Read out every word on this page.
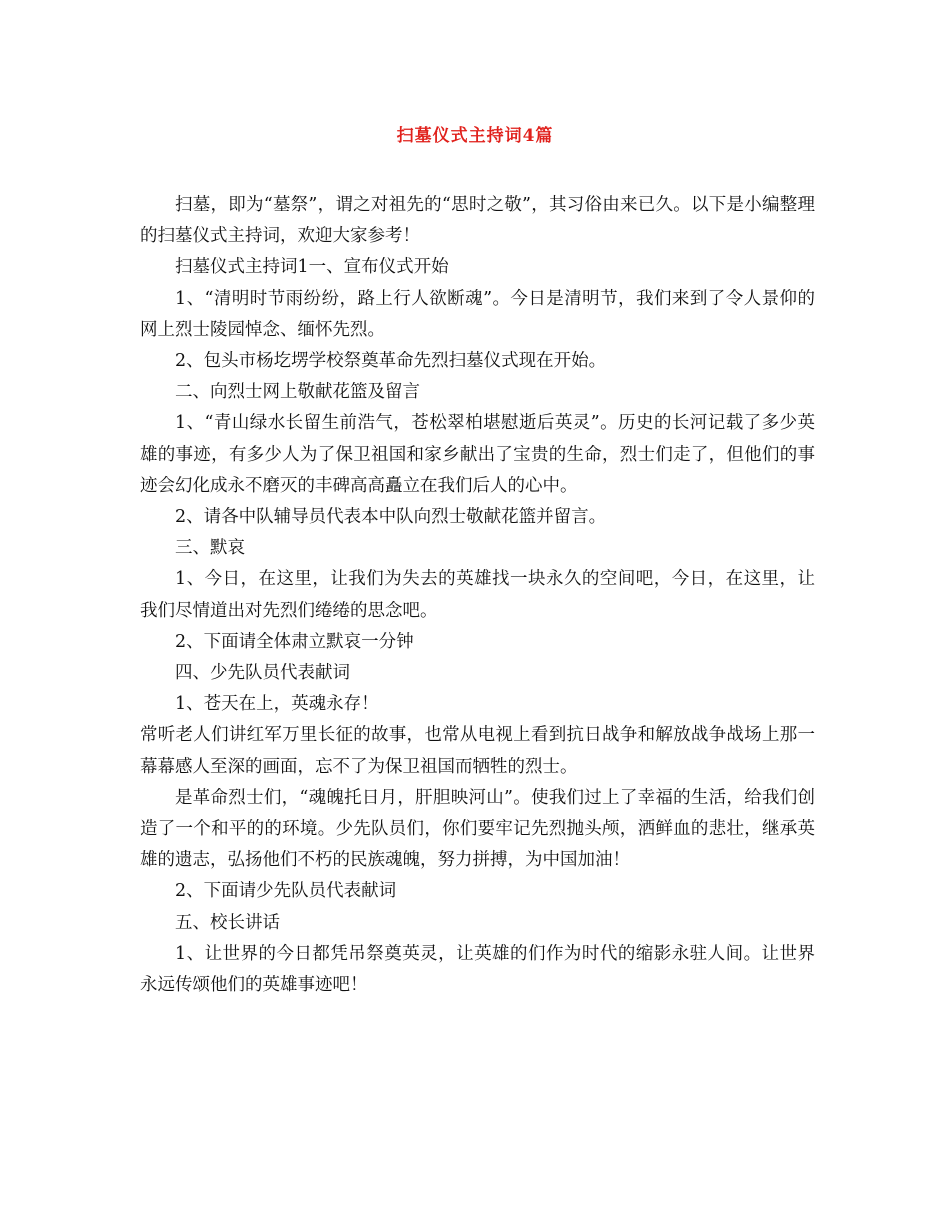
扫墓仪式主持词4篇

扫墓，即为“墓祭”，谓之对祖先的“思时之敬”，其习俗由来已久。以下是小编整理的扫墓仪式主持词，欢迎大家参考！

扫墓仪式主持词1一、宣布仪式开始

1、“清明时节雨纷纷，路上行人欲断魂”。今日是清明节，我们来到了令人景仰的网上烈士陵园悼念、缅怀先烈。

2、包头市杨圪塄学校祭奠革命先烈扫墓仪式现在开始。

二、向烈士网上敬献花篮及留言

1、“青山绿水长留生前浩气，苍松翠柏堪慰逝后英灵”。历史的长河记载了多少英雄的事迹，有多少人为了保卫祖国和家乡献出了宝贵的生命，烈士们走了，但他们的事迹会幻化成永不磨灭的丰碑高高矗立在我们后人的心中。

2、请各中队辅导员代表本中队向烈士敬献花篮并留言。

三、默哀

1、今日，在这里，让我们为失去的英雄找一块永久的空间吧，今日，在这里，让我们尽情道出对先烈们绻绻的思念吧。

2、下面请全体肃立默哀一分钟

四、少先队员代表献词

1、苍天在上，英魂永存！

常听老人们讲红军万里长征的故事，也常从电视上看到抗日战争和解放战争战场上那一幕幕感人至深的画面，忘不了为保卫祖国而牺牲的烈士。

是革命烈士们，“魂魄托日月，肝胆映河山”。使我们过上了幸福的生活，给我们创造了一个和平的的环境。少先队员们，你们要牢记先烈抛头颅，洒鲜血的悲壮，继承英雄的遗志，弘扬他们不朽的民族魂魄，努力拼搏，为中国加油！

2、下面请少先队员代表献词

五、校长讲话

1、让世界的今日都凭吊祭奠英灵，让英雄的们作为时代的缩影永驻人间。让世界永远传颂他们的英雄事迹吧！
